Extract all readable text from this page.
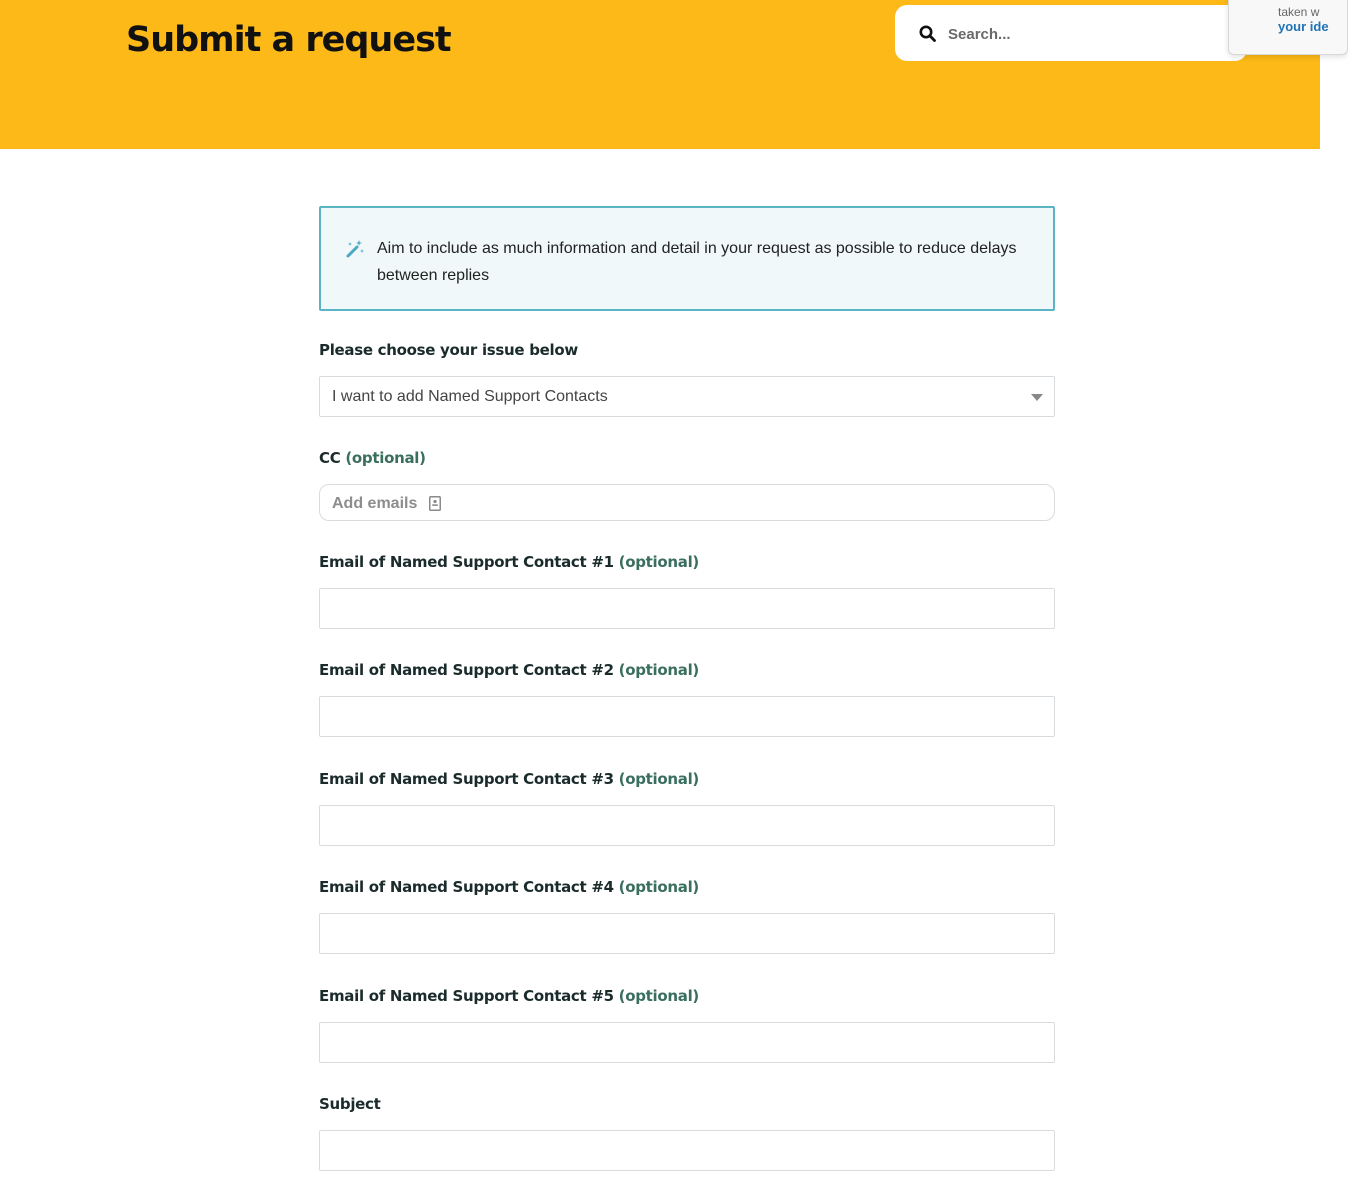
Submit a request
Search...
taken w
your ide
Aim to include as much information and detail in your request as possible to reduce delays between replies
Please choose your issue below
I want to add Named Support Contacts
CC (optional)
Add emails
Email of Named Support Contact #1 (optional)
Email of Named Support Contact #2 (optional)
Email of Named Support Contact #3 (optional)
Email of Named Support Contact #4 (optional)
Email of Named Support Contact #5 (optional)
Subject
